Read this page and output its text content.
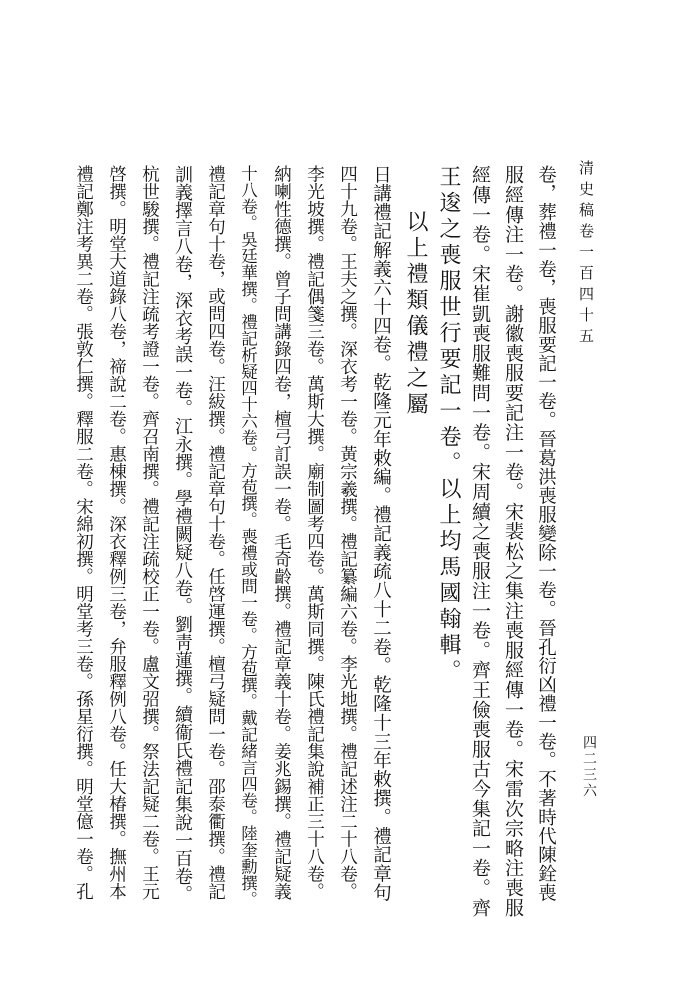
清史稿卷一百四十五
四二三六
卷，葬禮一卷，喪服要記一卷。晉葛洪喪服變除一卷。晉孔衍凶禮一卷。不著時代陳銓喪
服經傳注一卷。謝徽喪服要記注一卷。宋裴松之集注喪服經傳一卷。宋雷次宗略注喪服
經傳一卷。宋崔凱喪服難問一卷。宋周續之喪服注一卷。齊王儉喪服古今集記一卷。齊
王逡之喪服世行要記一卷。以上均馬國翰輯。
以上禮類儀禮之屬
日講禮記解義六十四卷。乾隆元年敕編。禮記義疏八十二卷。乾隆十三年敕撰。禮記章句
四十九卷。王夫之撰。深衣考一卷。黃宗羲撰。禮記纂編六卷。李光地撰。禮記述注二十八卷。
李光坡撰。禮記偶箋三卷。萬斯大撰。廟制圖考四卷。萬斯同撰。陳氏禮記集說補正三十八卷。
納喇性德撰。曾子問講錄四卷，檀弓訂誤一卷。毛奇齡撰。禮記章義十卷。姜兆錫撰。禮記疑義
十八卷。吳廷華撰。禮記析疑四十六卷。方苞撰。喪禮或問一卷。方苞撰。戴記緒言四卷。陸奎勳撰。
禮記章句十卷，或問四卷。汪紱撰。禮記章句十卷。任啓運撰。檀弓疑問一卷。邵泰衢撰。禮記
訓義擇言八卷，深衣考誤一卷。江永撰。學禮闕疑八卷。劉靑蓮撰。續衞氏禮記集說一百卷。
杭世駿撰。禮記注疏考證一卷。齊召南撰。禮記注疏校正一卷。盧文弨撰。祭法記疑二卷。王元
啓撰。明堂大道錄八卷，禘說二卷。惠棟撰。深衣釋例三卷，弁服釋例八卷。任大椿撰。撫州本
禮記鄭注考異二卷。張敦仁撰。釋服二卷。宋綿初撰。明堂考三卷。孫星衍撰。明堂億一卷。孔
